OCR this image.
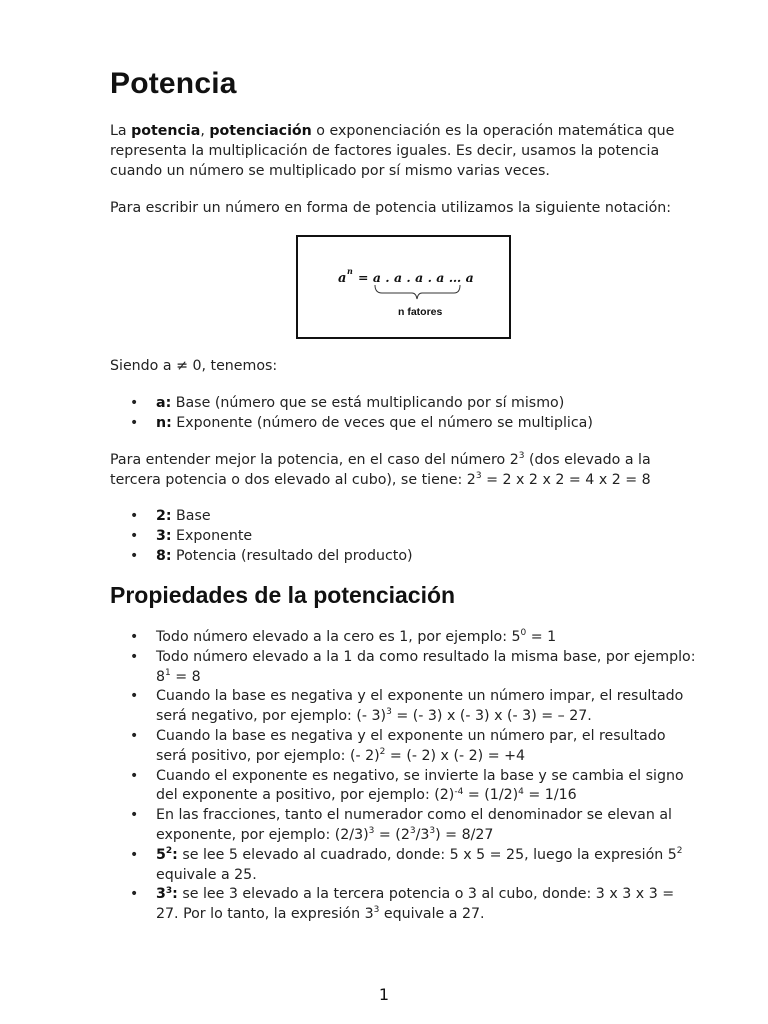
Potencia

La potencia, potenciación o exponenciación es la operación matemática que representa la multiplicación de factores iguales. Es decir, usamos la potencia cuando un número se multiplicado por sí mismo varias veces.

Para escribir un número en forma de potencia utilizamos la siguiente notación:

a n = a . a . a . a … a
n fatores

Siendo a ≠ 0, tenemos:

• a: Base (número que se está multiplicando por sí mismo)
• n: Exponente (número de veces que el número se multiplica)

Para entender mejor la potencia, en el caso del número $2^3$ (dos elevado a la tercera potencia o dos elevado al cubo), se tiene: $2^3 = 2$ x 2 x 2 = 4 x 2 = 8

• 2: Base
• 3: Exponente
• 8: Potencia (resultado del producto)
Propiedades de la potenciación
• Todo número elevado a la cero es 1, por ejemplo: $5^0 = 1$
• Todo número elevado a la 1 da como resultado la misma base, por ejemplo: $8^1 = 8$
• Cuando la base es negativa y el exponente un número impar, el resultado será negativo, por ejemplo: (- 3)$^3$ = (- 3) x (- 3) x (- 3) = – 27.
• Cuando la base es negativa y el exponente un número par, el resultado será positivo, por ejemplo: (- 2)$^2$ = (- 2) x (- 2) = +4
• Cuando el exponente es negativo, se invierte la base y se cambia el signo del exponente a positivo, por ejemplo: $(2)^{-4} = (1/2)^4 = 1/16$
• En las fracciones, tanto el numerador como el denominador se elevan al exponente, por ejemplo: $(2/3)^3 = (2^3/3^3) = 8/27$
• $5^2$: se lee 5 elevado al cuadrado, donde: 5 x 5 = 25, luego la expresión $5^2$ equivale a 25.
• $3^3$: se lee 3 elevado a la tercera potencia o 3 al cubo, donde: 3 x 3 x 3 = 27. Por lo tanto, la expresión $3^3$ equivale a 27.
1
